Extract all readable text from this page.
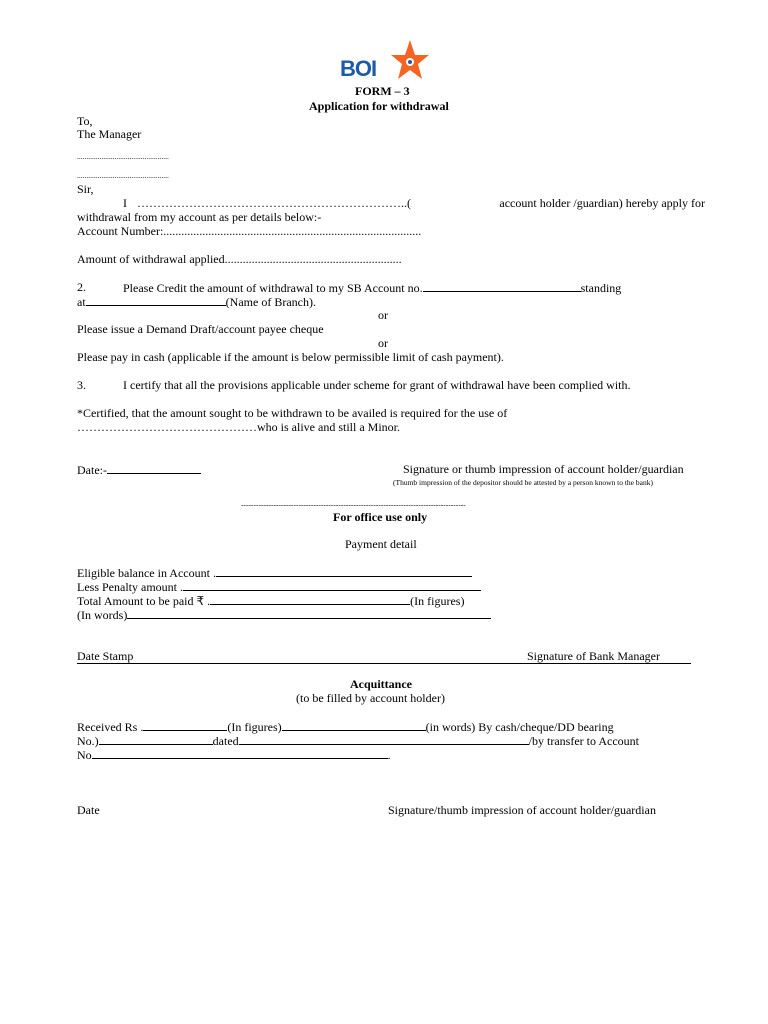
BOI
FORM – 3
Application for withdrawal
To,
The Manager
.................................................
.................................................
Sir,
I …………………………………………………………..(	account holder /guardian) hereby apply for
withdrawal from my account as per details below:-
Account Number:......................................................................................
Amount of withdrawal applied...........................................................
2.	Please Credit the amount of withdrawal to my SB Account no.	standing
at	(Name of Branch).
or
Please issue a Demand Draft/account payee cheque
or
Please pay in cash (applicable if the amount is below permissible limit of cash payment).
3.	I certify that all the provisions applicable under scheme for grant of withdrawal have been complied with.
*Certified, that the amount sought to be withdrawn to be availed is required for the use of
………………………………………who is alive and still a Minor.
Date:-	Signature or thumb impression of account holder/guardian
(Thumb impression of the depositor should be attested by a person known to the bank)
------------------------------------------------------------------------------------------
For office use only
Payment detail
Eligible balance in Account .
Less Penalty amount .
Total Amount to be paid ₹ .	(In figures)
(In words)
Date Stamp	Signature of Bank Manager
Acquittance
(to be filled by account holder)
Received Rs .	(In figures)	(in words) By cash/cheque/DD bearing
No.)	dated	/by transfer to Account
No	.
Date	Signature/thumb impression of account holder/guardian
